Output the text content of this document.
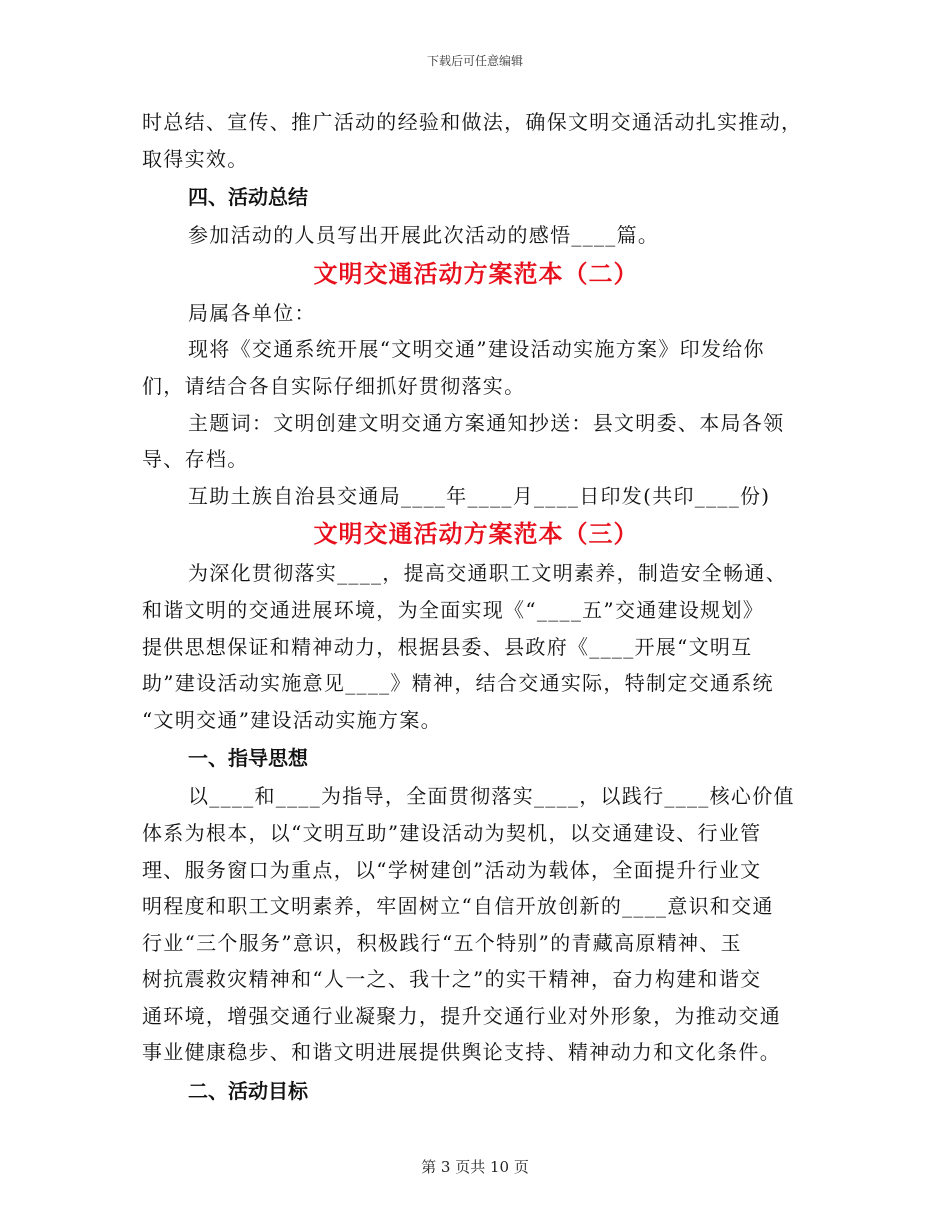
下载后可任意编辑

时总结、宣传、推广活动的经验和做法，确保文明交通活动扎实推动，

取得实效。

四、活动总结

参加活动的人员写出开展此次活动的感悟____篇。

文明交通活动方案范本（二）

局属各单位：

现将《交通系统开展“文明交通”建设活动实施方案》印发给你

们，请结合各自实际仔细抓好贯彻落实。

主题词：文明创建文明交通方案通知抄送：县文明委、本局各领

导、存档。

互助土族自治县交通局____年____月____日印发(共印____份)

文明交通活动方案范本（三）

为深化贯彻落实____，提高交通职工文明素养，制造安全畅通、

和谐文明的交通进展环境，为全面实现《“____五”交通建设规划》

提供思想保证和精神动力，根据县委、县政府《____开展“文明互

助”建设活动实施意见____》精神，结合交通实际，特制定交通系统

“文明交通”建设活动实施方案。

一、指导思想

以____和____为指导，全面贯彻落实____，以践行____核心价值

体系为根本，以“文明互助”建设活动为契机，以交通建设、行业管

理、服务窗口为重点，以“学树建创”活动为载体，全面提升行业文

明程度和职工文明素养，牢固树立“自信开放创新的____意识和交通

行业“三个服务”意识，积极践行“五个特别”的青藏高原精神、玉

树抗震救灾精神和“人一之、我十之”的实干精神，奋力构建和谐交

通环境，增强交通行业凝聚力，提升交通行业对外形象，为推动交通

事业健康稳步、和谐文明进展提供舆论支持、精神动力和文化条件。

二、活动目标

第 3 页共 10 页
